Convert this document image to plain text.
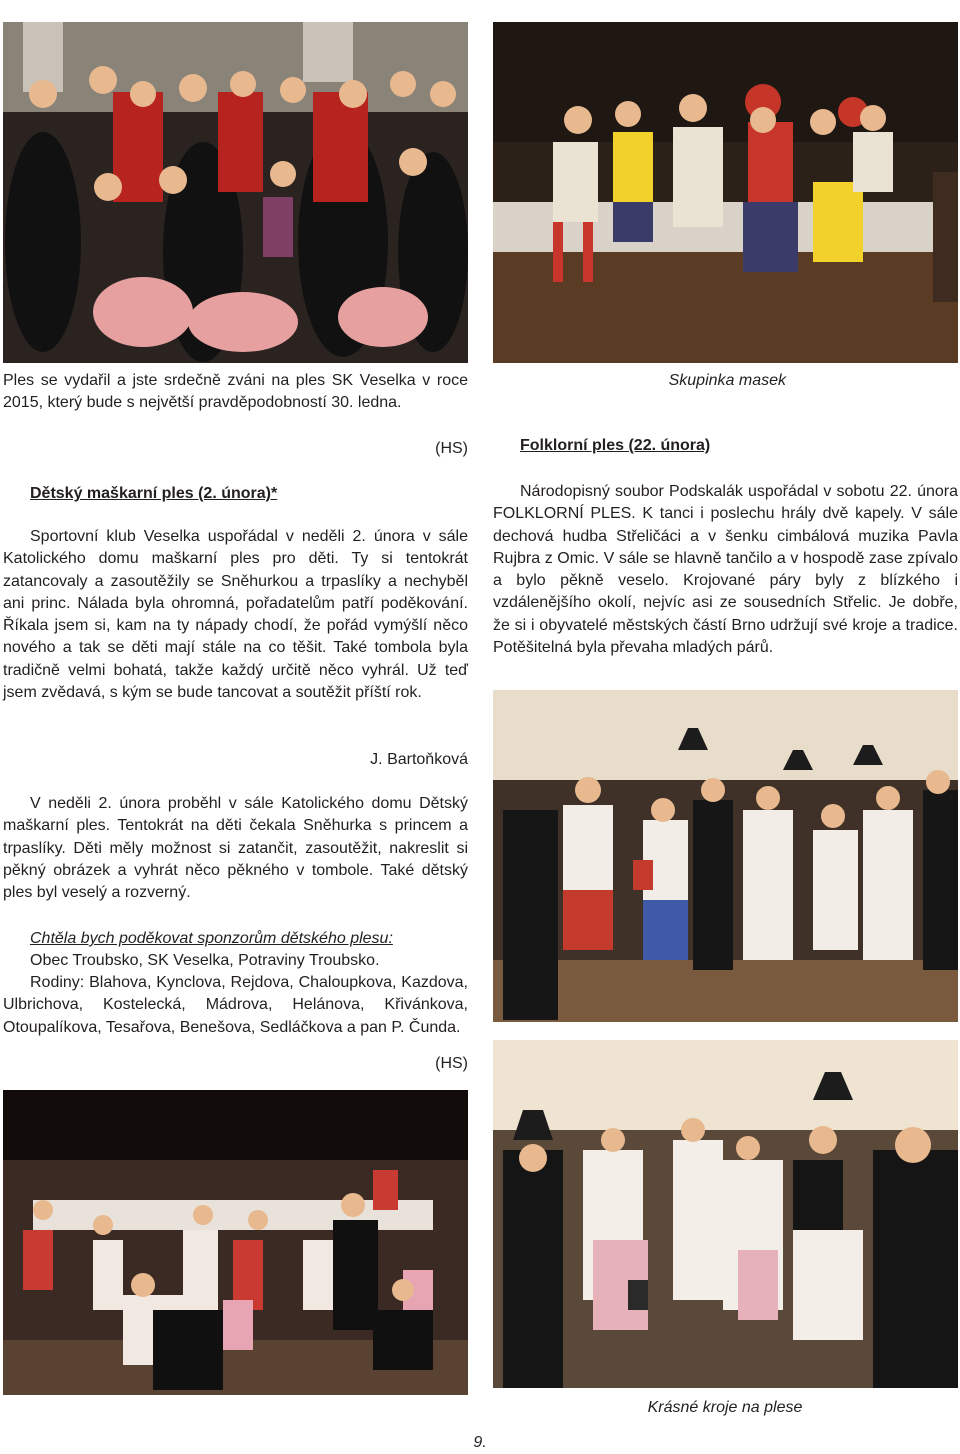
Ples se vydařil a jste srdečně zváni na ples SK Veselka v roce 2015, který bude s největší pravděpodobností 30. ledna.
(HS)
Dětský maškarní ples (2. února)*
Sportovní klub Veselka uspořádal v neděli 2. února v sále Katolického domu maškarní ples pro děti. Ty si tentokrát zatancovaly a zasoutěžily se Sněhurkou a trpaslíky a nechyběl ani princ. Nálada byla ohromná, pořadatelům patří poděkování. Říkala jsem si, kam na ty nápady chodí, že pořád vymýšlí něco nového a tak se děti mají stále na co těšit. Také tombola byla tradičně velmi bohatá, takže každý určitě něco vyhrál. Už teď jsem zvědavá, s kým se bude tancovat a soutěžit příští rok.
J. Bartoňková
V neděli 2. února proběhl v sále Katolického domu Dětský maškarní ples. Tentokrát na děti čekala Sněhurka s princem a trpaslíky. Děti měly možnost si zatančit, zasoutěžit, nakreslit si pěkný obrázek a vyhrát něco pěkného v tombole. Také dětský ples byl veselý a rozverný.
Chtěla bych poděkovat sponzorům dětského plesu:
Obec Troubsko, SK Veselka, Potraviny Troubsko.
Rodiny: Blahova, Kynclova, Rejdova, Chaloupkova, Kazdova, Ulbrichova, Kostelecká, Mádrova, Helánova, Křivánkova, Otoupalíkova, Tesařova, Benešova, Sedláčkova a pan P. Čunda.
(HS)
Skupinka masek
Folklorní ples (22. února)
Národopisný soubor Podskalák uspořádal v sobotu 22. února FOLKLORNÍ PLES. K tanci i poslechu hrály dvě kapely. V sále dechová hudba Střeličáci a v šenku cimbálová muzika Pavla Rujbra z Omic. V sále se hlavně tančilo a v hospodě zase zpívalo a bylo pěkně veselo. Krojované páry byly z blízkého i vzdálenějšího okolí, nejvíc asi ze sousedních Střelic. Je dobře, že si i obyvatelé městských částí Brno udržují své kroje a tradice. Potěšitelná byla převaha mladých párů.
Krásné kroje na plese
9.
